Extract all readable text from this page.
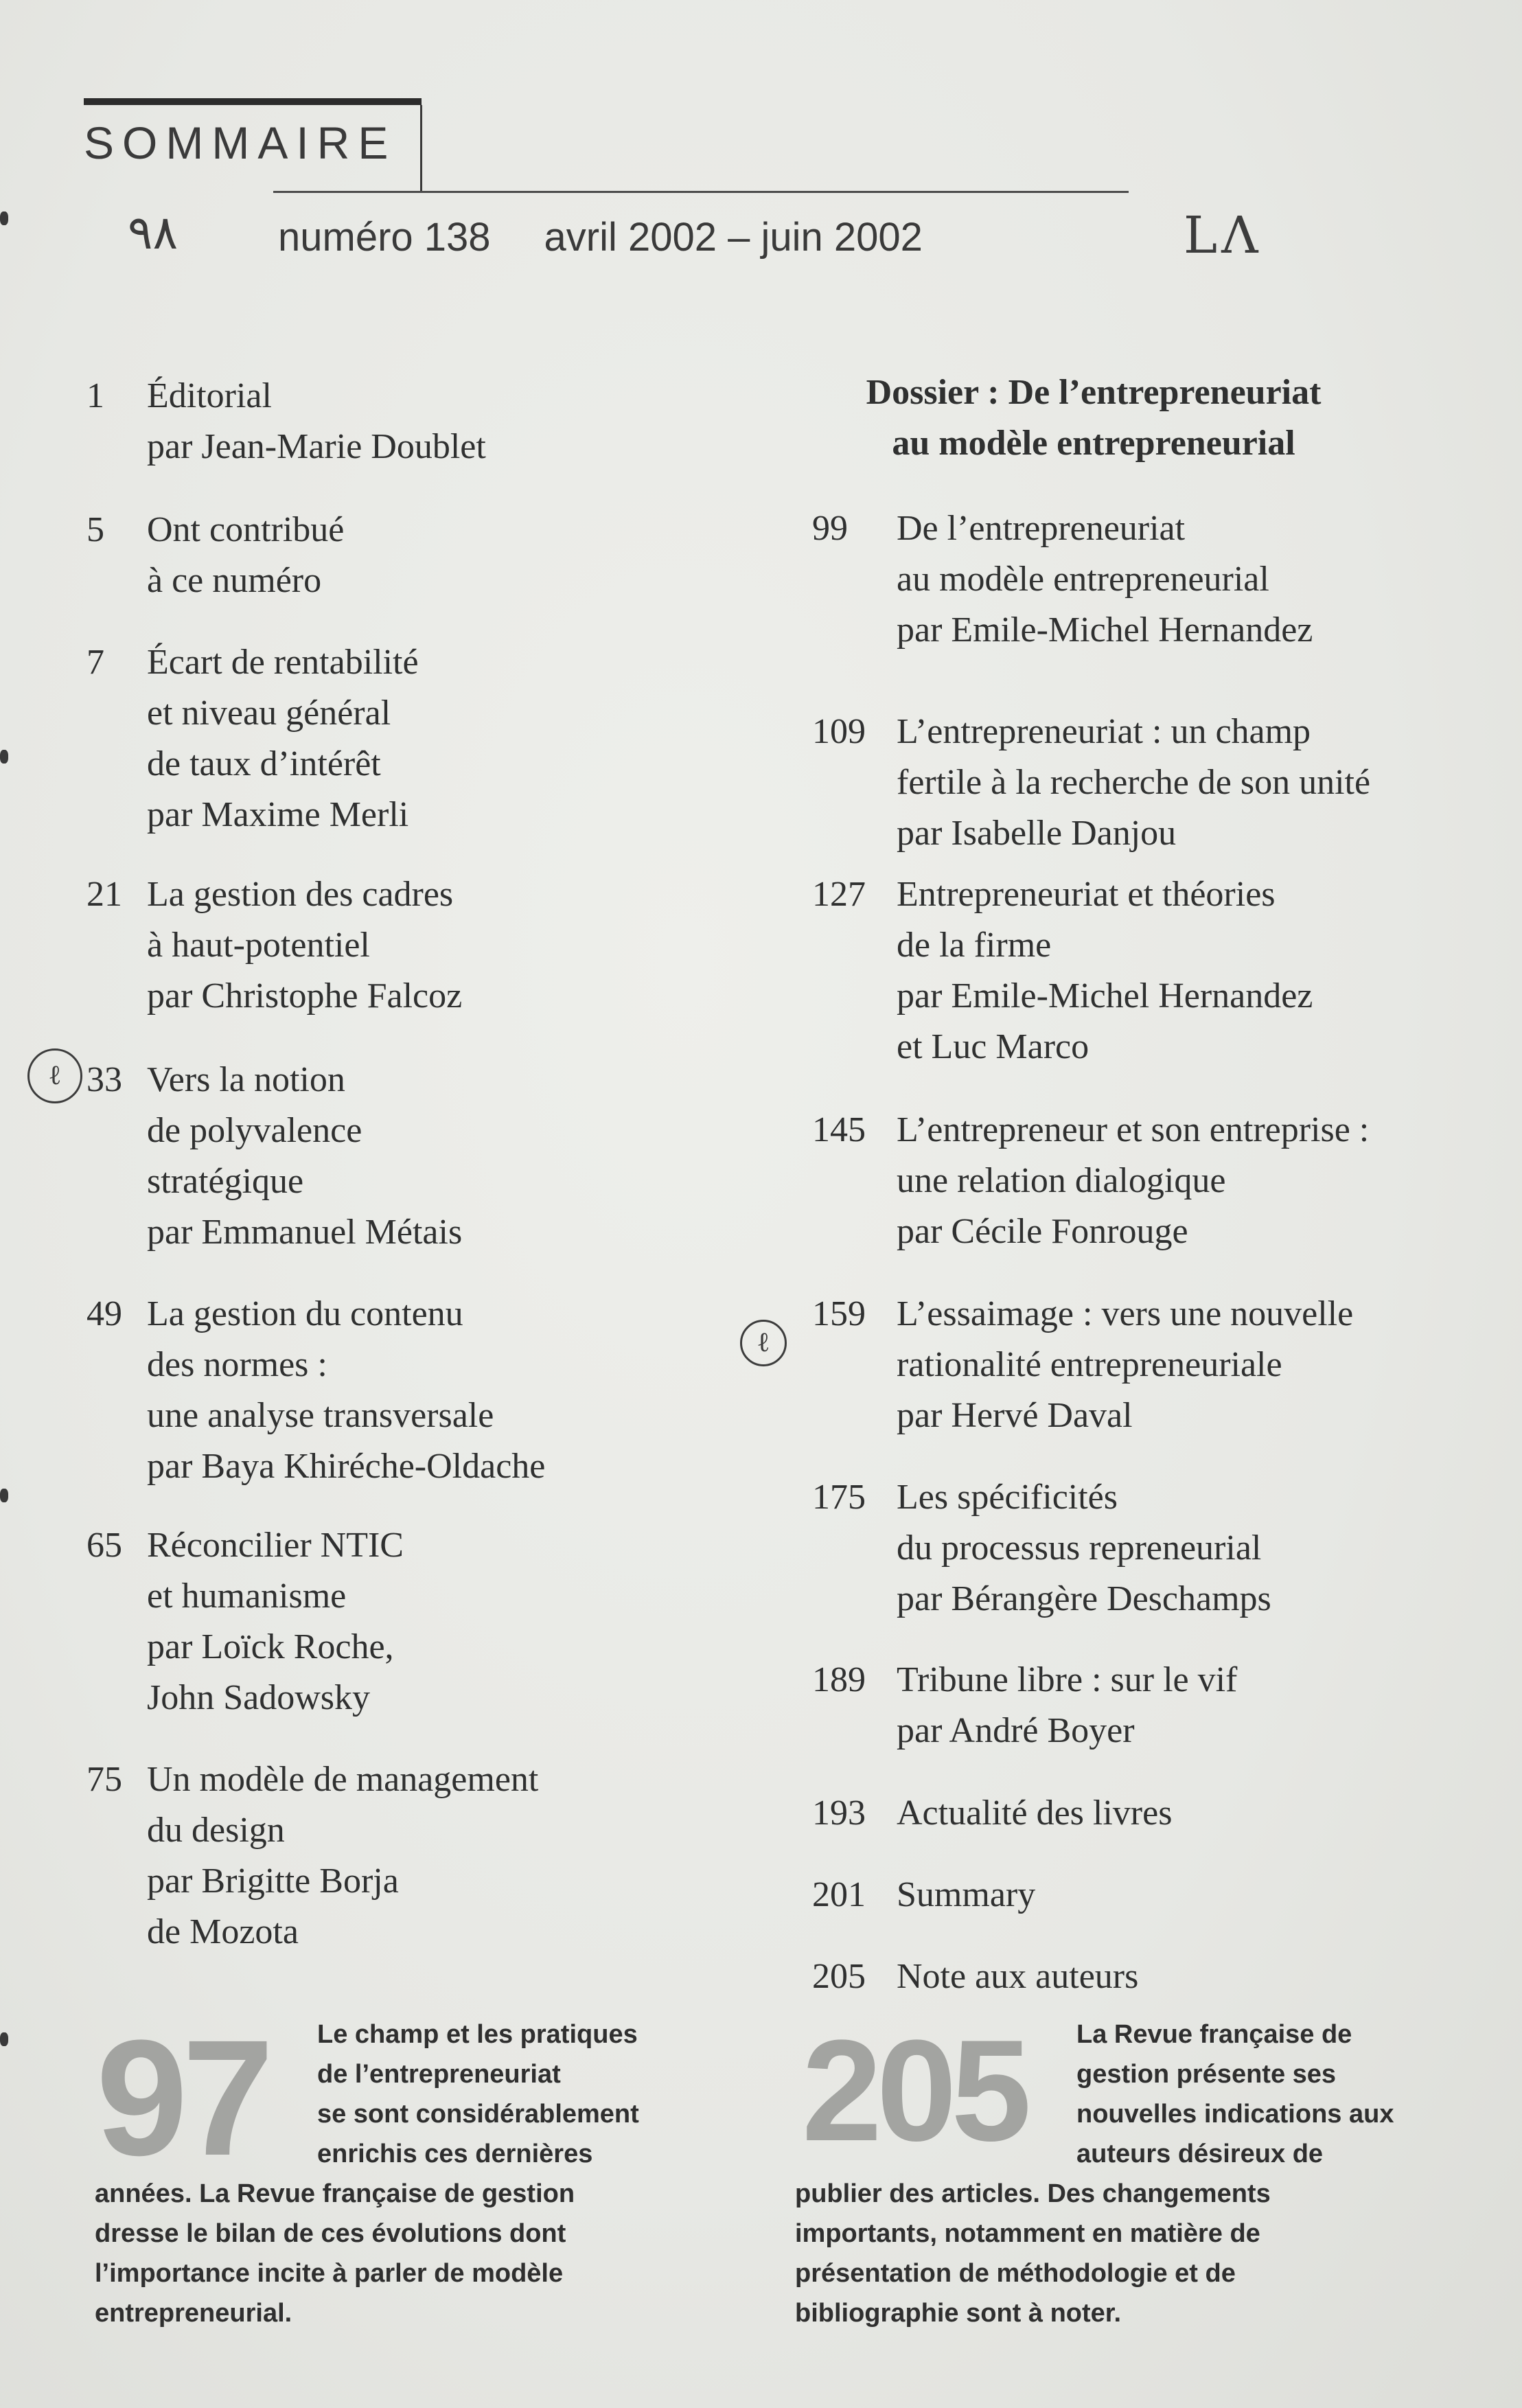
SOMMAIRE
٩٨	numéro 138 avril 2002 – juin 2002	LΛ
1 Éditorial
par Jean-Marie Doublet
5 Ont contribué
à ce numéro
7 Écart de rentabilité
et niveau général
de taux d’intérêt
par Maxime Merli
21 La gestion des cadres
à haut-potentiel
par Christophe Falcoz
33 Vers la notion
de polyvalence
stratégique
par Emmanuel Métais
49 La gestion du contenu
des normes :
une analyse transversale
par Baya Khiréche-Oldache
65 Réconcilier NTIC
et humanisme
par Loïck Roche,
John Sadowsky
75 Un modèle de management
du design
par Brigitte Borja
de Mozota
Dossier : De l’entrepreneuriat
au modèle entrepreneurial
99 De l’entrepreneuriat
au modèle entrepreneurial
par Emile-Michel Hernandez
109 L’entrepreneuriat : un champ
fertile à la recherche de son unité
par Isabelle Danjou
127 Entrepreneuriat et théories
de la firme
par Emile-Michel Hernandez
et Luc Marco
145 L’entrepreneur et son entreprise :
une relation dialogique
par Cécile Fonrouge
159 L’essaimage : vers une nouvelle
rationalité entrepreneuriale
par Hervé Daval
175 Les spécificités
du processus repreneurial
par Bérangère Deschamps
189 Tribune libre : sur le vif
par André Boyer
193 Actualité des livres
201 Summary
205 Note aux auteurs
ℓ
ℓ
97 Le champ et les pratiques
de l’entrepreneuriat
se sont considérablement
enrichis ces dernières
années. La Revue française de gestion
dresse le bilan de ces évolutions dont
l’importance incite à parler de modèle
entrepreneurial.
205 La Revue française de
gestion présente ses
nouvelles indications aux
auteurs désireux de
publier des articles. Des changements
importants, notamment en matière de
présentation de méthodologie et de
bibliographie sont à noter.
